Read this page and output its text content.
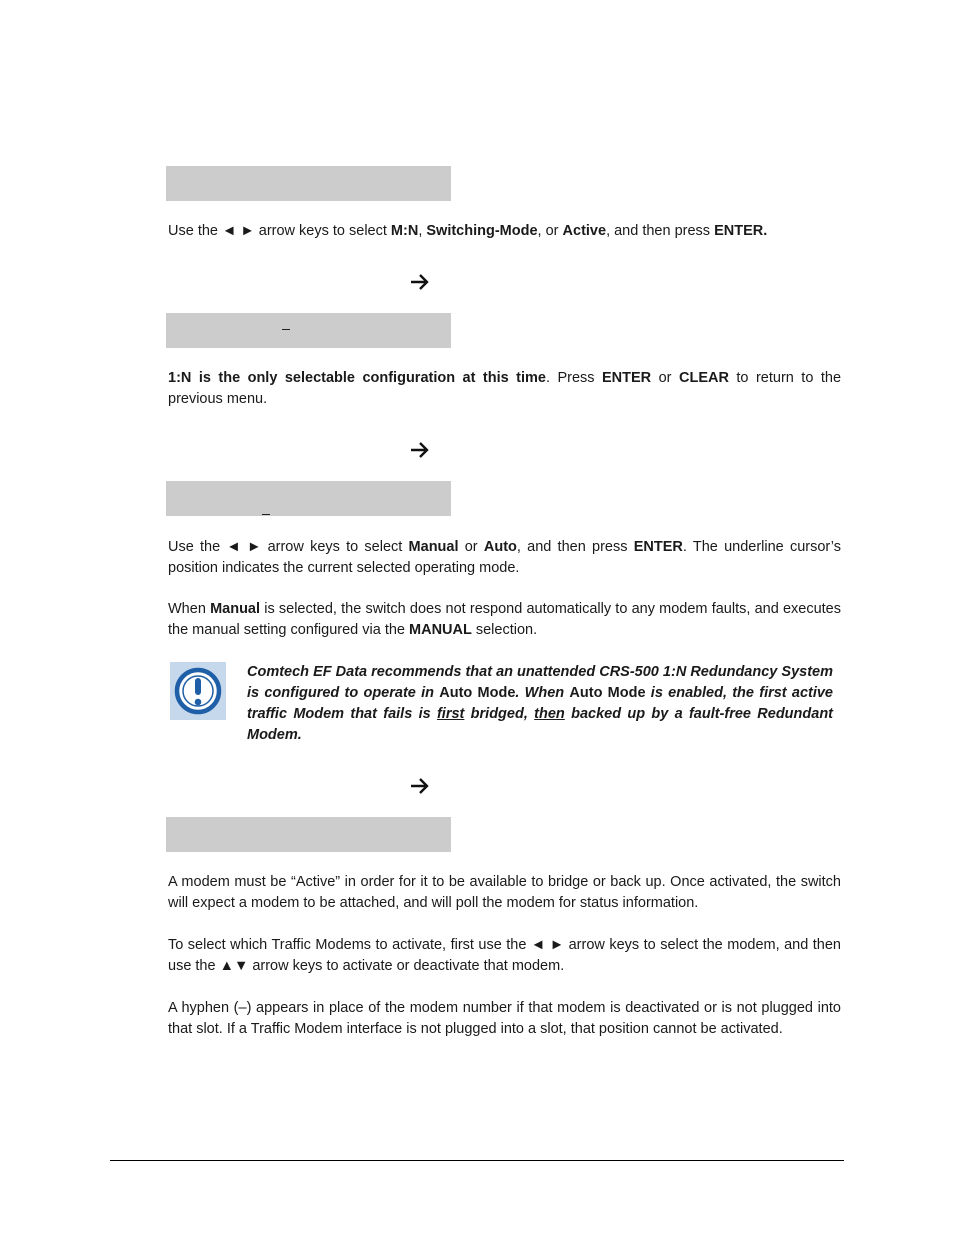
Use the ◄ ► arrow keys to select M:N, Switching-Mode, or Active, and then press ENTER.

1:N is the only selectable configuration at this time. Press ENTER or CLEAR to return to the previous menu.

Use the ◄ ► arrow keys to select Manual or Auto, and then press ENTER. The underline cursor’s position indicates the current selected operating mode.

When Manual is selected, the switch does not respond automatically to any modem faults, and executes the manual setting configured via the MANUAL selection.

Comtech EF Data recommends that an unattended CRS-500 1:N Redundancy System is configured to operate in Auto Mode. When Auto Mode is enabled, the first active traffic Modem that fails is first bridged, then backed up by a fault-free Redundant Modem.

A modem must be “Active” in order for it to be available to bridge or back up. Once activated, the switch will expect a modem to be attached, and will poll the modem for status information.

To select which Traffic Modems to activate, first use the ◄ ► arrow keys to select the modem, and then use the ▲▼ arrow keys to activate or deactivate that modem.

A hyphen (–) appears in place of the modem number if that modem is deactivated or is not plugged into that slot. If a Traffic Modem interface is not plugged into a slot, that position cannot be activated.
